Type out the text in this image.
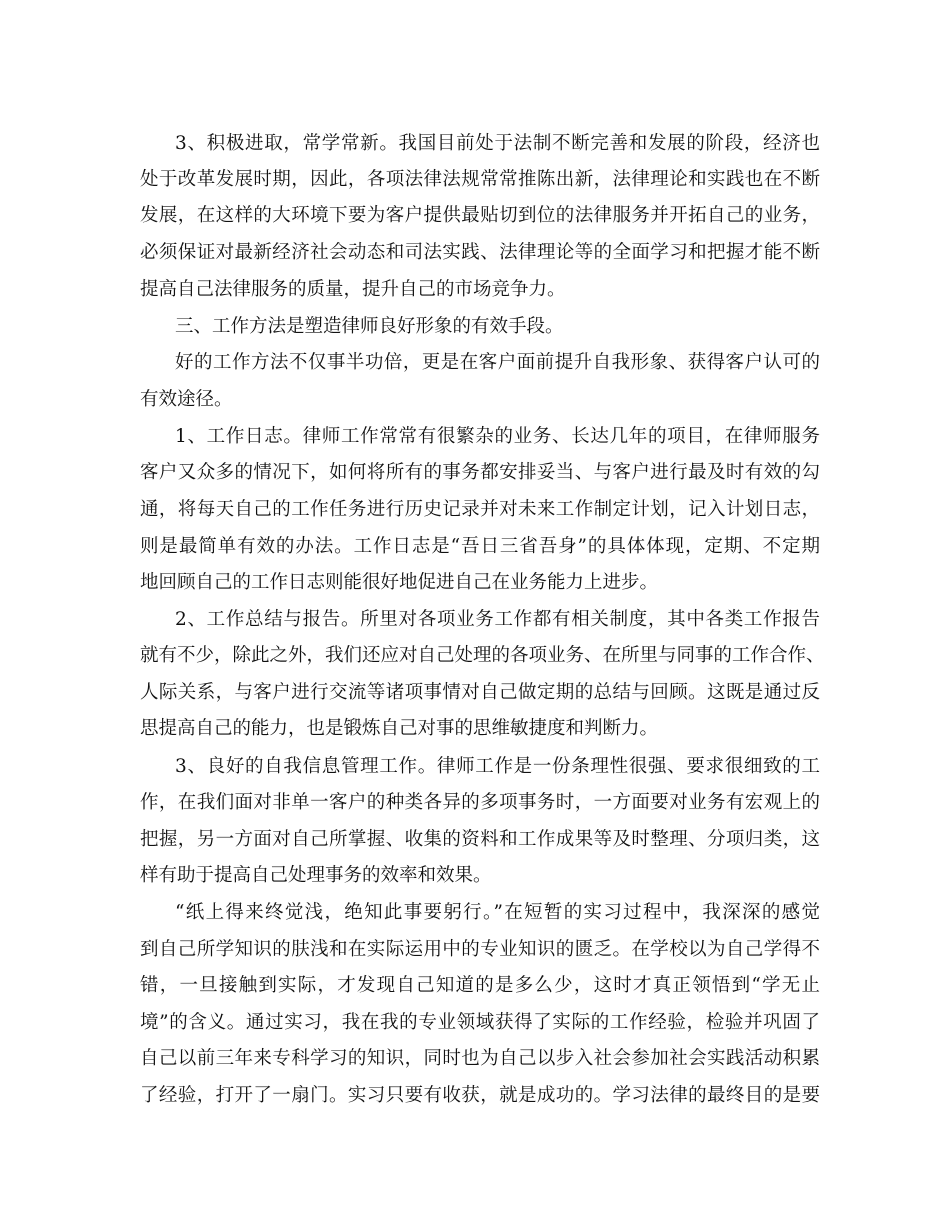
3、积极进取，常学常新。我国目前处于法制不断完善和发展的阶段，经济也
处于改革发展时期，因此，各项法律法规常常推陈出新，法律理论和实践也在不断
发展，在这样的大环境下要为客户提供最贴切到位的法律服务并开拓自己的业务，
必须保证对最新经济社会动态和司法实践、法律理论等的全面学习和把握才能不断
提高自己法律服务的质量，提升自己的市场竞争力。
三、工作方法是塑造律师良好形象的有效手段。
好的工作方法不仅事半功倍，更是在客户面前提升自我形象、获得客户认可的
有效途径。
1、工作日志。律师工作常常有很繁杂的业务、长达几年的项目，在律师服务
客户又众多的情况下，如何将所有的事务都安排妥当、与客户进行最及时有效的勾
通，将每天自己的工作任务进行历史记录并对未来工作制定计划，记入计划日志，
则是最简单有效的办法。工作日志是“吾日三省吾身”的具体体现，定期、不定期
地回顾自己的工作日志则能很好地促进自己在业务能力上进步。
2、工作总结与报告。所里对各项业务工作都有相关制度，其中各类工作报告
就有不少，除此之外，我们还应对自己处理的各项业务、在所里与同事的工作合作、
人际关系，与客户进行交流等诸项事情对自己做定期的总结与回顾。这既是通过反
思提高自己的能力，也是锻炼自己对事的思维敏捷度和判断力。
3、良好的自我信息管理工作。律师工作是一份条理性很强、要求很细致的工
作，在我们面对非单一客户的种类各异的多项事务时，一方面要对业务有宏观上的
把握，另一方面对自己所掌握、收集的资料和工作成果等及时整理、分项归类，这
样有助于提高自己处理事务的效率和效果。
“纸上得来终觉浅，绝知此事要躬行。”在短暂的实习过程中，我深深的感觉
到自己所学知识的肤浅和在实际运用中的专业知识的匮乏。在学校以为自己学得不
错，一旦接触到实际，才发现自己知道的是多么少，这时才真正领悟到“学无止
境”的含义。通过实习，我在我的专业领域获得了实际的工作经验，检验并巩固了
自己以前三年来专科学习的知识，同时也为自己以步入社会参加社会实践活动积累
了经验，打开了一扇门。实习只要有收获，就是成功的。学习法律的最终目的是要
